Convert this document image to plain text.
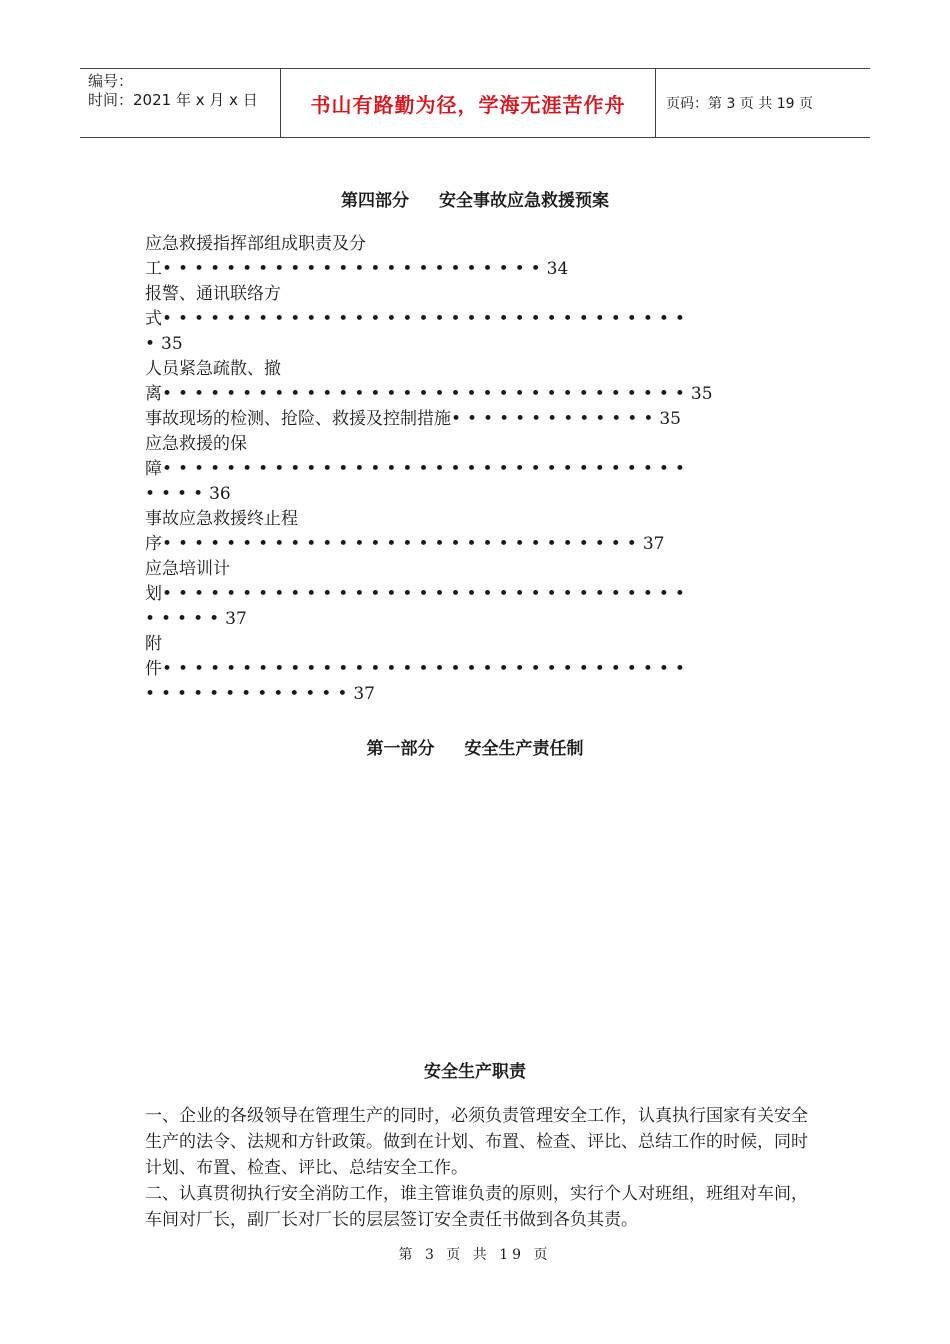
编号：
时间：2021 年 x 月 x 日	书山有路勤为径，学海无涯苦作舟	页码：第 3 页 共 19 页
第四部分 安全事故应急救援预案
应急救援指挥部组成职责及分
工••••••••••••••••••••••••34
报警、通讯联络方
式•••••••••••••••••••••••••••••••••
•35
人员紧急疏散、撤
离•••••••••••••••••••••••••••••••••35
事故现场的检测、抢险、救援及控制措施•••••••••••••35
应急救援的保
障•••••••••••••••••••••••••••••••••
••••36
事故应急救援终止程
序••••••••••••••••••••••••••••••37
应急培训计
划•••••••••••••••••••••••••••••••••
•••••37
附
件•••••••••••••••••••••••••••••••••
•••••••••••••37
第一部分 安全生产责任制
安全生产职责

一、企业的各级领导在管理生产的同时，必须负责管理安全工作，认真执行国家有关安全生产的法令、法规和方针政策。做到在计划、布置、检查、评比、总结工作的时候，同时计划、布置、检查、评比、总结安全工作。

二、认真贯彻执行安全消防工作，谁主管谁负责的原则，实行个人对班组，班组对车间，车间对厂长，副厂长对厂长的层层签订安全责任书做到各负其责。

第 3 页 共 19 页
